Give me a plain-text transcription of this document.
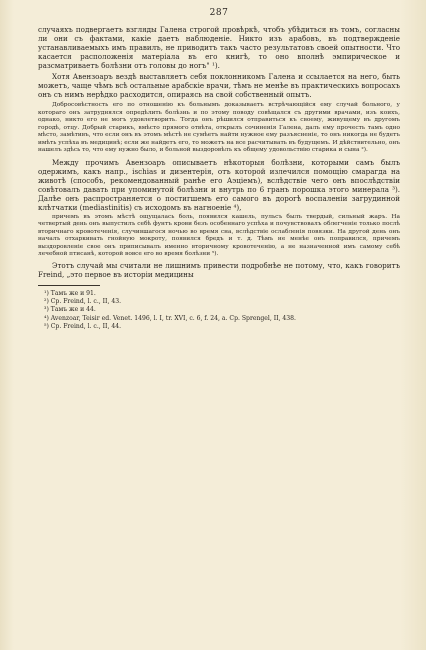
287

случаяхъ подвергаетъ взгляды Галена строгой провѣркѣ, чтобъ убѣдиться въ томъ, согласны ли они съ фактами, какіе даетъ наблюденіе. Никто изъ арабовъ, въ подтвержденіе устанавливаемыхъ имъ правилъ, не приводитъ такъ часто результатовъ своей опытности. Что касается расположенія матеріала въ его книгѣ, то оно вполнѣ эмпирическое и разсматриваетъ болѣзни отъ головы до ногъ" ¹).

Хотя Авензоаръ вездѣ выставляетъ себя поклонникомъ Галена и ссылается на него, быть можетъ, чаще чѣмъ всѣ остальные арабскіе врачи, тѣмъ не менѣе въ практическихъ вопросахъ онъ съ нимъ нерѣдко расходится, опираясь на свой собственный опытъ.

Добросовѣстность его по отношенію къ больнымъ доказываетъ встрѣчающійся ему случай больного, у котораго онъ затруднялся опредѣлить болѣзнь и по этому поводу совѣщался съ другими врачами, изъ коихъ, однако, никто его не могъ удовлетворить. Тогда онъ рѣшился отправиться къ своему, живущему въ другомъ городѣ, отцу. Добрый старикъ, вмѣсто прямого отвѣта, открылъ сочиненія Галена, далъ ему прочесть тамъ одно мѣсто, замѣтивъ, что если онъ въ этомъ мѣстѣ не сумѣетъ найти нужное ему разъясненіе, то онъ никогда не будетъ имѣть успѣха въ медицинѣ; если же найдетъ его, то можетъ на все расчитывать въ будущемъ. И дѣйствительно, онъ нашелъ здѣсь то, что ему нужно было, и больной выздоровѣлъ къ общему удовольствію старика и сына ²).

Между прочимъ Авензоаръ описываетъ нѣкоторыя болѣзни, которыми самъ былъ одержимъ, какъ напр., ischias и дизентерія, отъ которой излечился помощію смарагда на животѣ (способъ, рекомендованный ранѣе его Аэціемъ), вслѣдствіе чего онъ впослѣдствіи совѣтовалъ давать при упоминутой болѣзни и внутрь по 6 гранъ порошка этого минерала ³). Далѣе онъ распространяется о постигшемъ его самого въ дорогѣ воспаленіи загрудинной клѣтчатки (mediastinitis) съ исходомъ въ нагноеніе ⁴),

причемъ въ этомъ мѣстѣ ощущалась боль, появился кашель, пульсъ былъ твердый, сильный жаръ. На четвертый день онъ выпустилъ себѣ фунтъ крови безъ особеннаго успѣха и почувствовалъ облегченіе только послѣ вторичнаго кровотеченія, случившагося ночью во время сна, вслѣдствіе ослабленія повязки. На другой день онъ началъ отхаркивать гнойную мокроту, появился бредъ и т. д. Тѣмъ не менѣе онъ поправился, причемъ выздоровленіе свое онъ приписывалъ именно вторичному кровотеченію, а не назначенной имъ самому себѣ лечебной птисанѣ, которой вовсе его во время болѣзни ⁵).

Этотъ случай мы считали не лишнимъ привести подробнѣе не потому, что, какъ говоритъ Freind, „это первое въ исторіи медицины

¹) Тамъ же и 91.

²) Ср. Freind, l. c., II, 43.

³) Тамъ же и 44.

⁴) Avenzoar, Teisir ed. Venet. 1496, l. I, tr. XVI, c. 6, f. 24, a. Cp. Sprengel, II, 438.

⁵) Ср. Freind, l. c., II, 44.
